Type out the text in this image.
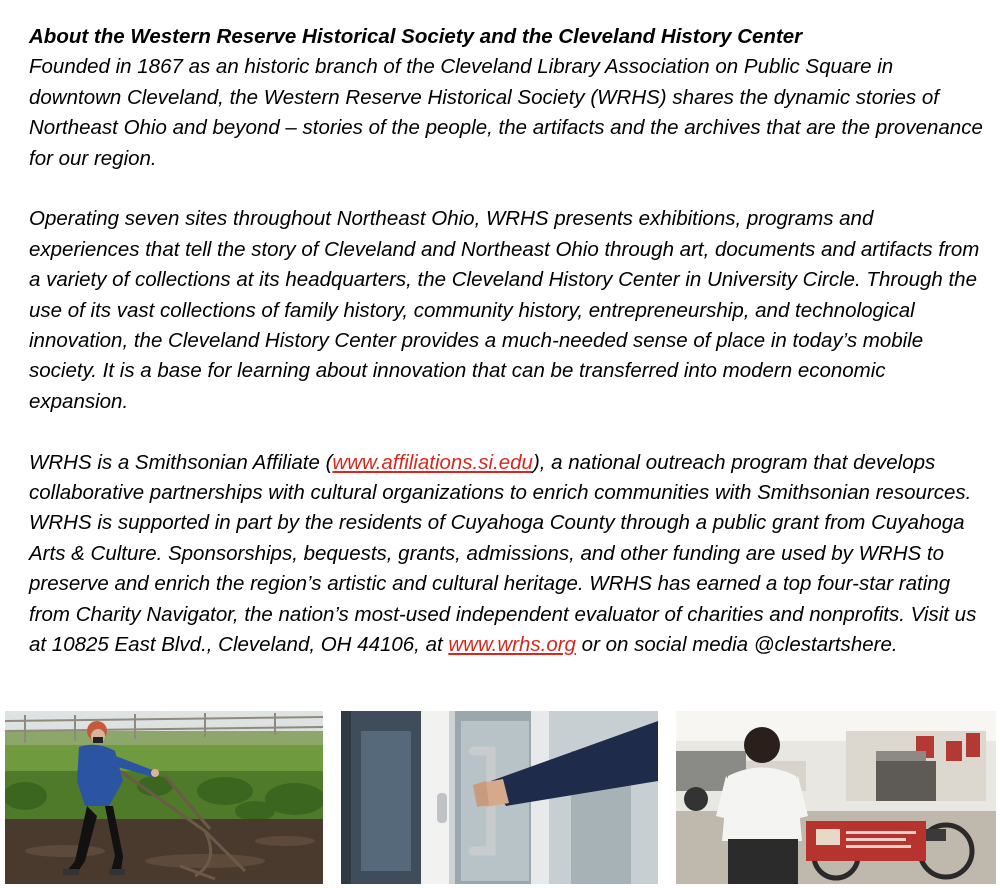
About the Western Reserve Historical Society and the Cleveland History Center
Founded in 1867 as an historic branch of the Cleveland Library Association on Public Square in downtown Cleveland, the Western Reserve Historical Society (WRHS) shares the dynamic stories of Northeast Ohio and beyond – stories of the people, the artifacts and the archives that are the provenance for our region.

Operating seven sites throughout Northeast Ohio, WRHS presents exhibitions, programs and experiences that tell the story of Cleveland and Northeast Ohio through art, documents and artifacts from a variety of collections at its headquarters, the Cleveland History Center in University Circle. Through the use of its vast collections of family history, community history, entrepreneurship, and technological innovation, the Cleveland History Center provides a much-needed sense of place in today’s mobile society. It is a base for learning about innovation that can be transferred into modern economic expansion.

WRHS is a Smithsonian Affiliate (www.affiliations.si.edu), a national outreach program that develops collaborative partnerships with cultural organizations to enrich communities with Smithsonian resources. WRHS is supported in part by the residents of Cuyahoga County through a public grant from Cuyahoga Arts & Culture. Sponsorships, bequests, grants, admissions, and other funding are used by WRHS to preserve and enrich the region’s artistic and cultural heritage. WRHS has earned a top four-star rating from Charity Navigator, the nation’s most-used independent evaluator of charities and nonprofits. Visit us at 10825 East Blvd., Cleveland, OH 44106, at www.wrhs.org or on social media @clestartshere.
